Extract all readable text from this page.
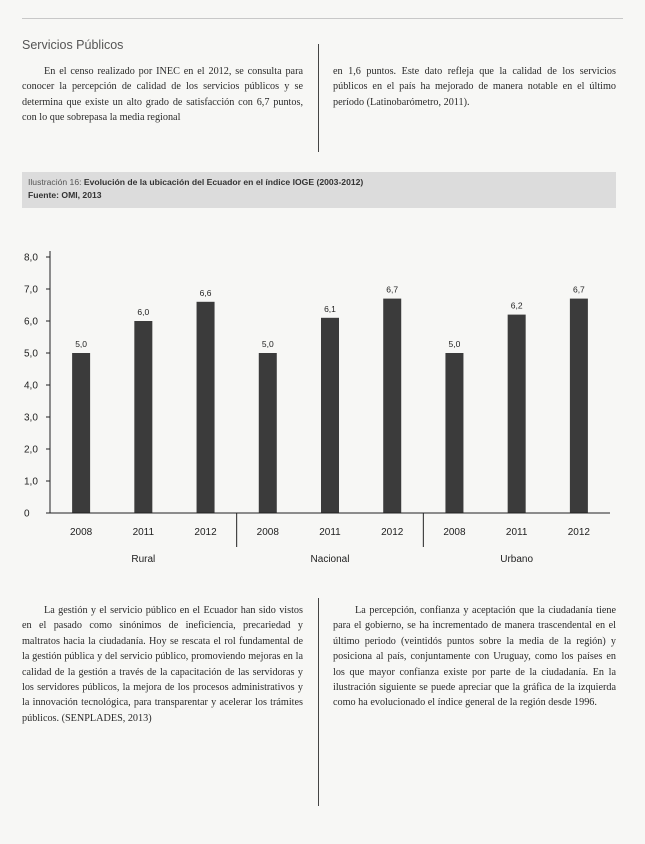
Servicios Públicos

En el censo realizado por INEC en el 2012, se consulta para conocer la percepción de calidad de los servicios públicos y se determina que existe un alto grado de satisfacción con 6,7 puntos, con lo que sobrepasa la media regional

en 1,6 puntos. Este dato refleja que la calidad de los servicios públicos en el país ha mejorado de manera notable en el último período (Latinobarómetro, 2011).

Ilustración 16: Evolución de la ubicación del Ecuador en el índice IOGE (2003-2012)
Fuente: OMI, 2013
0
1,0
2,0
3,0
4,0
5,0
6,0
7,0
8,0
5,0
6,0
6,6
5,0
6,1
6,7
5,0
6,2
6,7
2008	2011	2012	2008	2011	2012	2008	2011	2012
Rural	Nacional	Urbano

La gestión y el servicio público en el Ecuador han sido vistos en el pasado como sinónimos de ineficiencia, precariedad y maltratos hacia la ciudadanía. Hoy se rescata el rol fundamental de la gestión pública y del servicio público, promoviendo mejoras en la calidad de la gestión a través de la capacitación de las servidoras y los servidores públicos, la mejora de los procesos administrativos y la innovación tecnológica, para transparentar y acelerar los trámites públicos. (SENPLADES, 2013)

La percepción, confianza y aceptación que la ciudadanía tiene para el gobierno, se ha incrementado de manera trascendental en el último periodo (veintidós puntos sobre la media de la región) y posiciona al país, conjuntamente con Uruguay, como los países en los que mayor confianza existe por parte de la ciudadanía. En la ilustración siguiente se puede apreciar que la gráfica de la izquierda como ha evolucionado el índice general de la región desde 1996.
